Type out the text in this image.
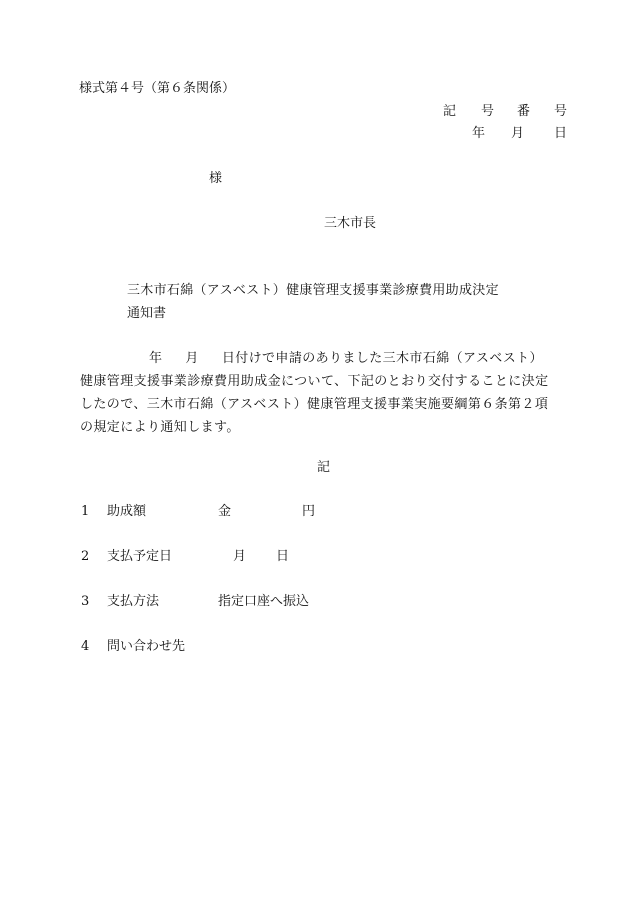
様式第４号（第６条関係）
記 号 番 号
年 月 日
様
三木市長
三木市石綿（アスベスト）健康管理支援事業診療費用助成決定
通知書
年 月 日付けで申請のありました三木市石綿（アスベスト）
健康管理支援事業診療費用助成金について、下記のとおり交付することに決定
したので、三木市石綿（アスベスト）健康管理支援事業実施要綱第６条第２項
の規定により通知します。
記
1 助成額	金	円
2 支払予定日	月 日
3 支払方法	指定口座へ振込
4 問い合わせ先
